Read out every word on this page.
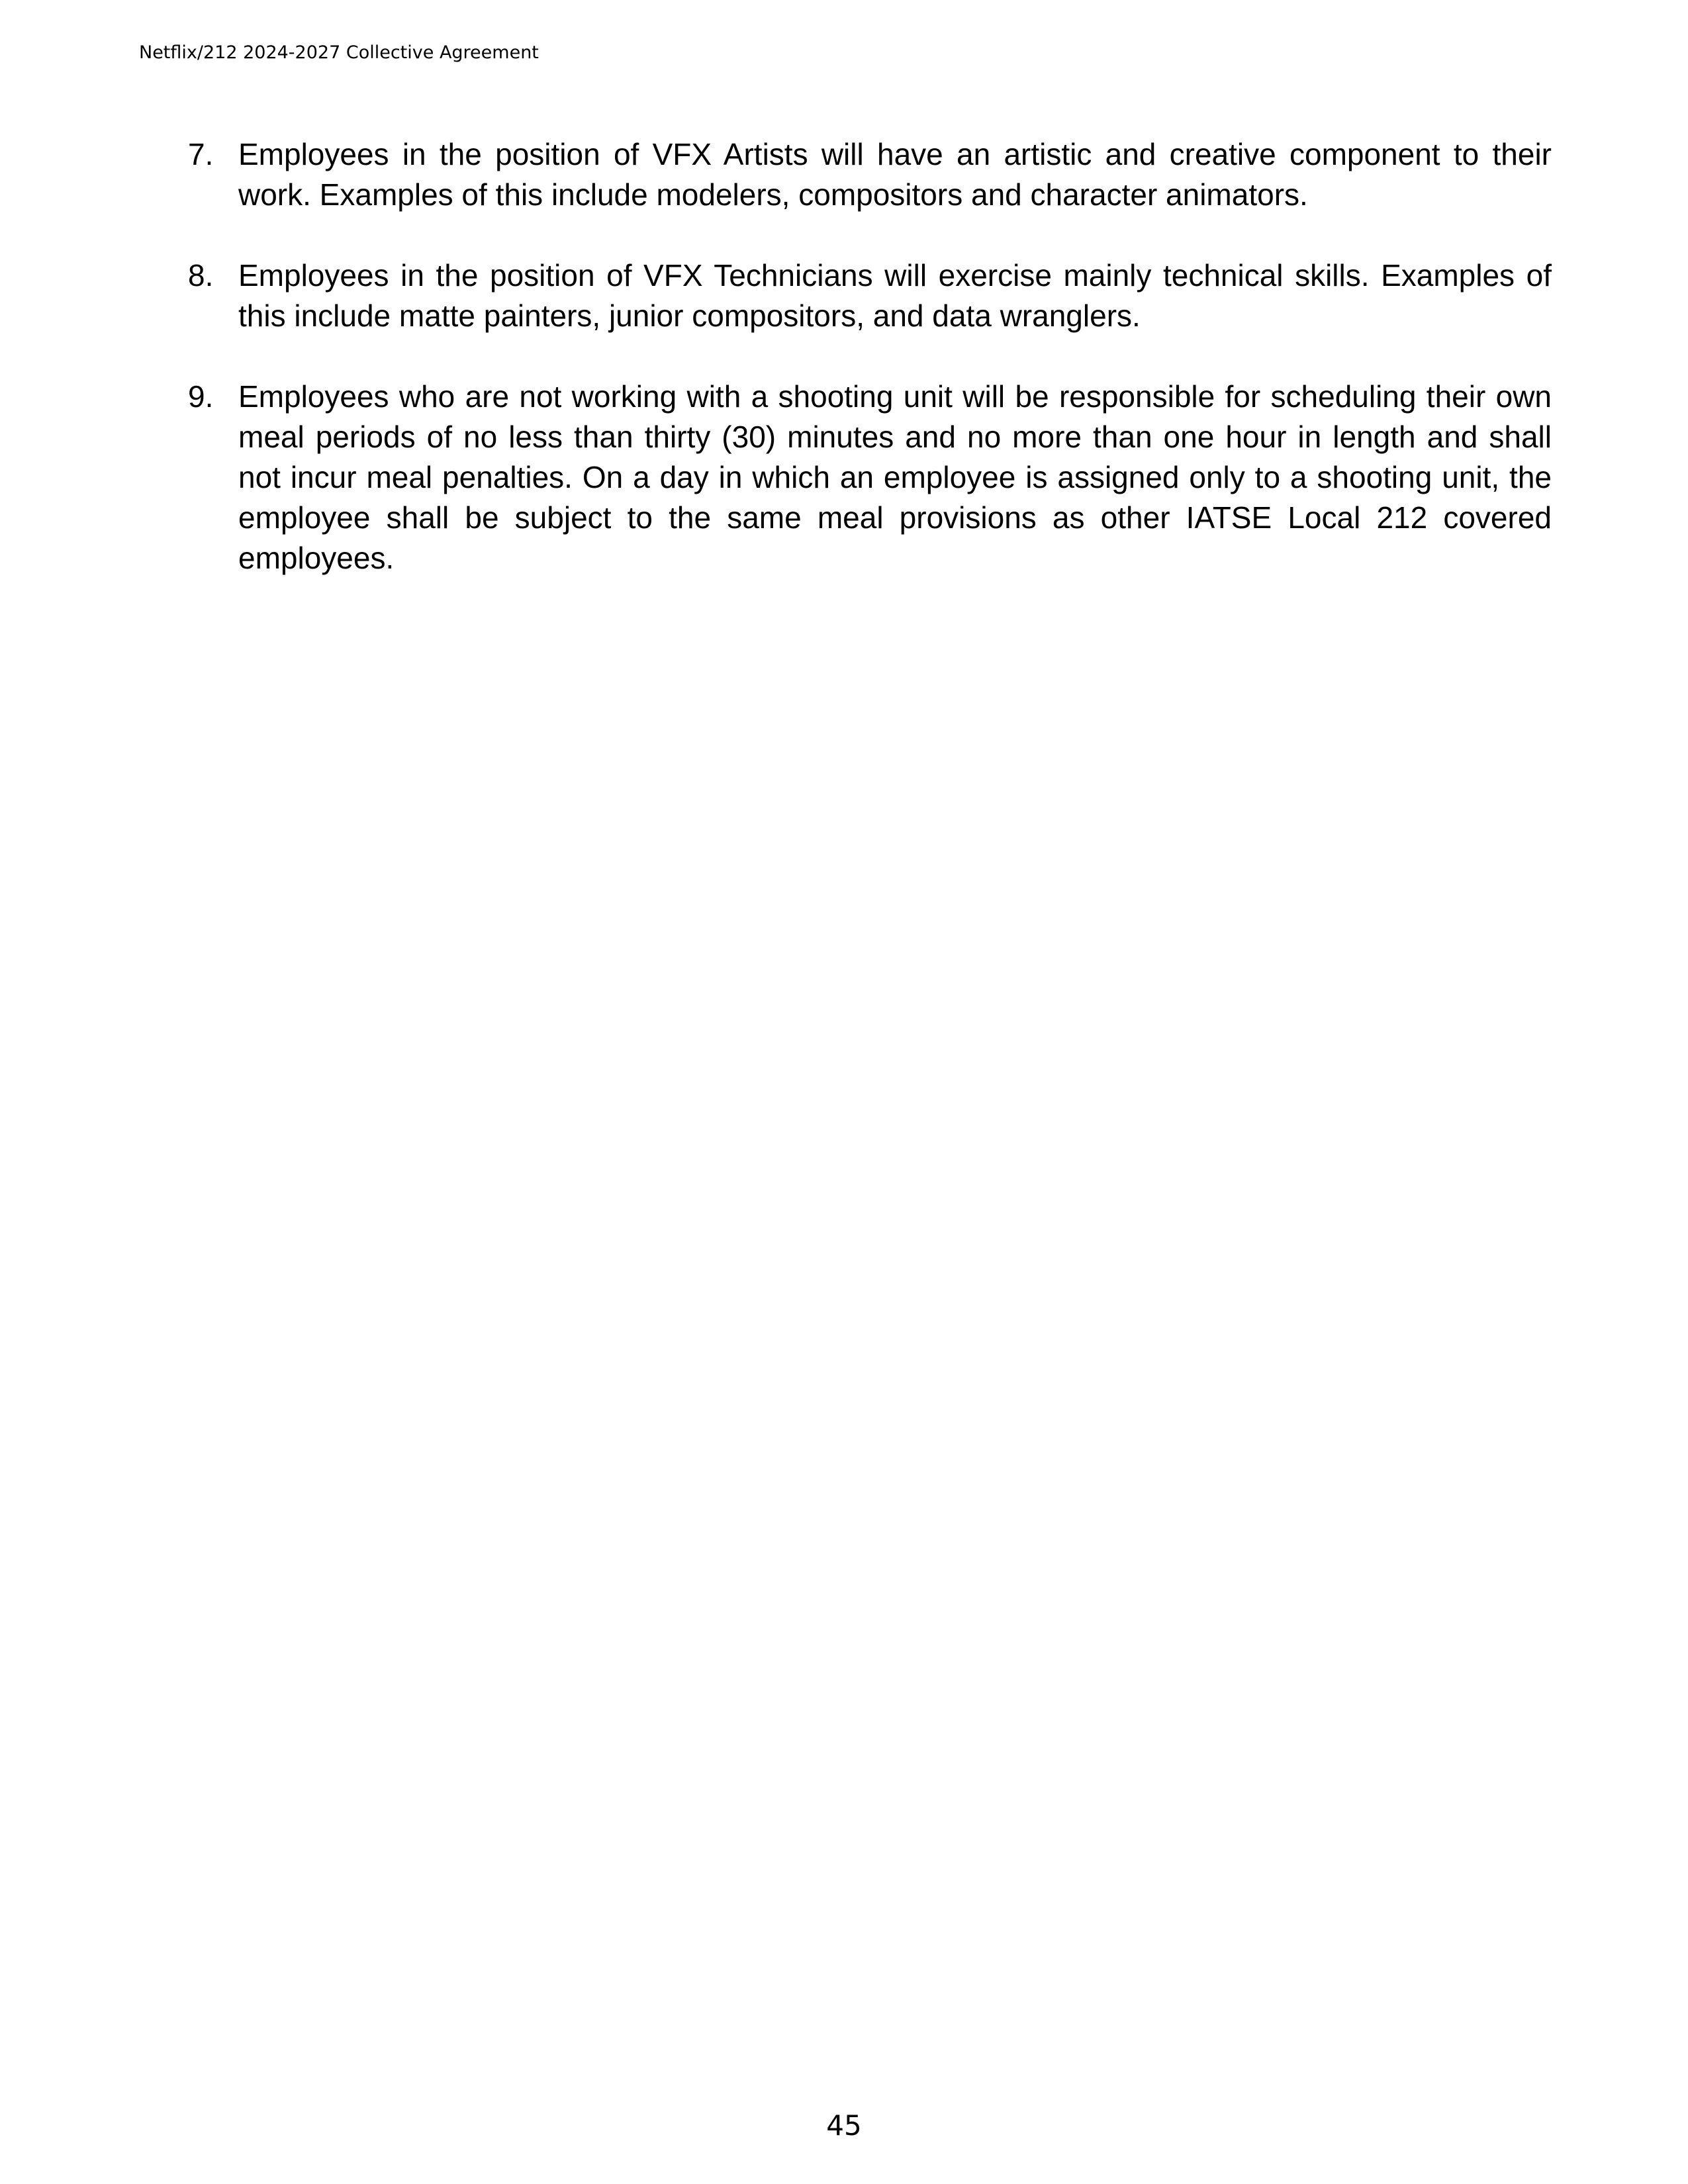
Netflix/212 2024-2027 Collective Agreement
7. Employees in the position of VFX Artists will have an artistic and creative component to their work. Examples of this include modelers, compositors and character animators.
8. Employees in the position of VFX Technicians will exercise mainly technical skills. Examples of this include matte painters, junior compositors, and data wranglers.
9. Employees who are not working with a shooting unit will be responsible for scheduling their own meal periods of no less than thirty (30) minutes and no more than one hour in length and shall not incur meal penalties. On a day in which an employee is assigned only to a shooting unit, the employee shall be subject to the same meal provisions as other IATSE Local 212 covered employees.
45
